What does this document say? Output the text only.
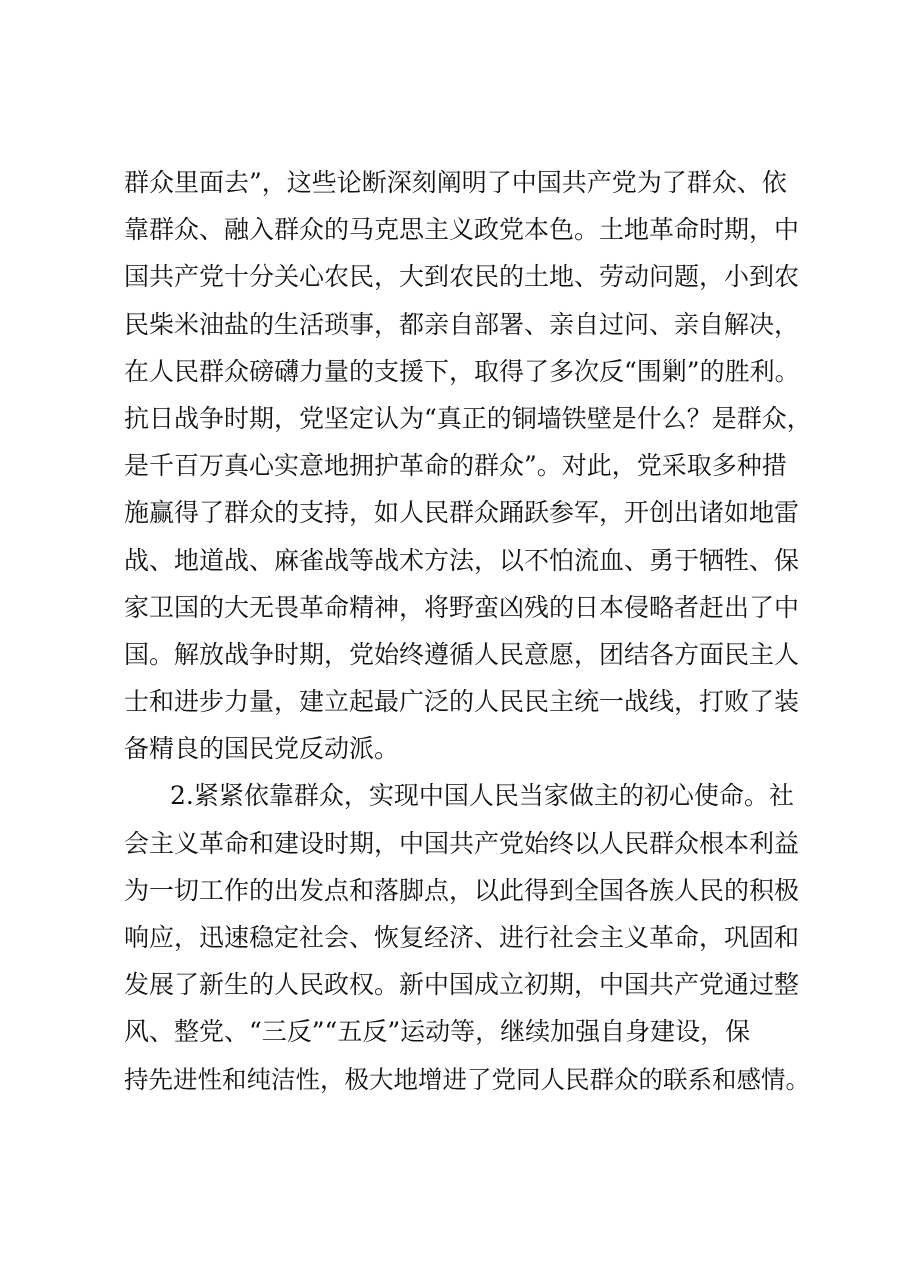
群众里面去”，这些论断深刻阐明了中国共产党为了群众、依
靠群众、融入群众的马克思主义政党本色。土地革命时期，中
国共产党十分关心农民，大到农民的土地、劳动问题，小到农
民柴米油盐的生活琐事，都亲自部署、亲自过问、亲自解决，
在人民群众磅礴力量的支援下，取得了多次反“围剿”的胜利。
抗日战争时期，党坚定认为“真正的铜墙铁壁是什么？是群众，
是千百万真心实意地拥护革命的群众”。对此，党采取多种措
施赢得了群众的支持，如人民群众踊跃参军，开创出诸如地雷
战、地道战、麻雀战等战术方法，以不怕流血、勇于牺牲、保
家卫国的大无畏革命精神，将野蛮凶残的日本侵略者赶出了中
国。解放战争时期，党始终遵循人民意愿，团结各方面民主人
士和进步力量，建立起最广泛的人民民主统一战线，打败了装
备精良的国民党反动派。
2.紧紧依靠群众，实现中国人民当家做主的初心使命。社
会主义革命和建设时期，中国共产党始终以人民群众根本利益
为一切工作的出发点和落脚点，以此得到全国各族人民的积极
响应，迅速稳定社会、恢复经济、进行社会主义革命，巩固和
发展了新生的人民政权。新中国成立初期，中国共产党通过整
风、整党、“三反”“五反”运动等，继续加强自身建设，保
持先进性和纯洁性，极大地增进了党同人民群众的联系和感情。
